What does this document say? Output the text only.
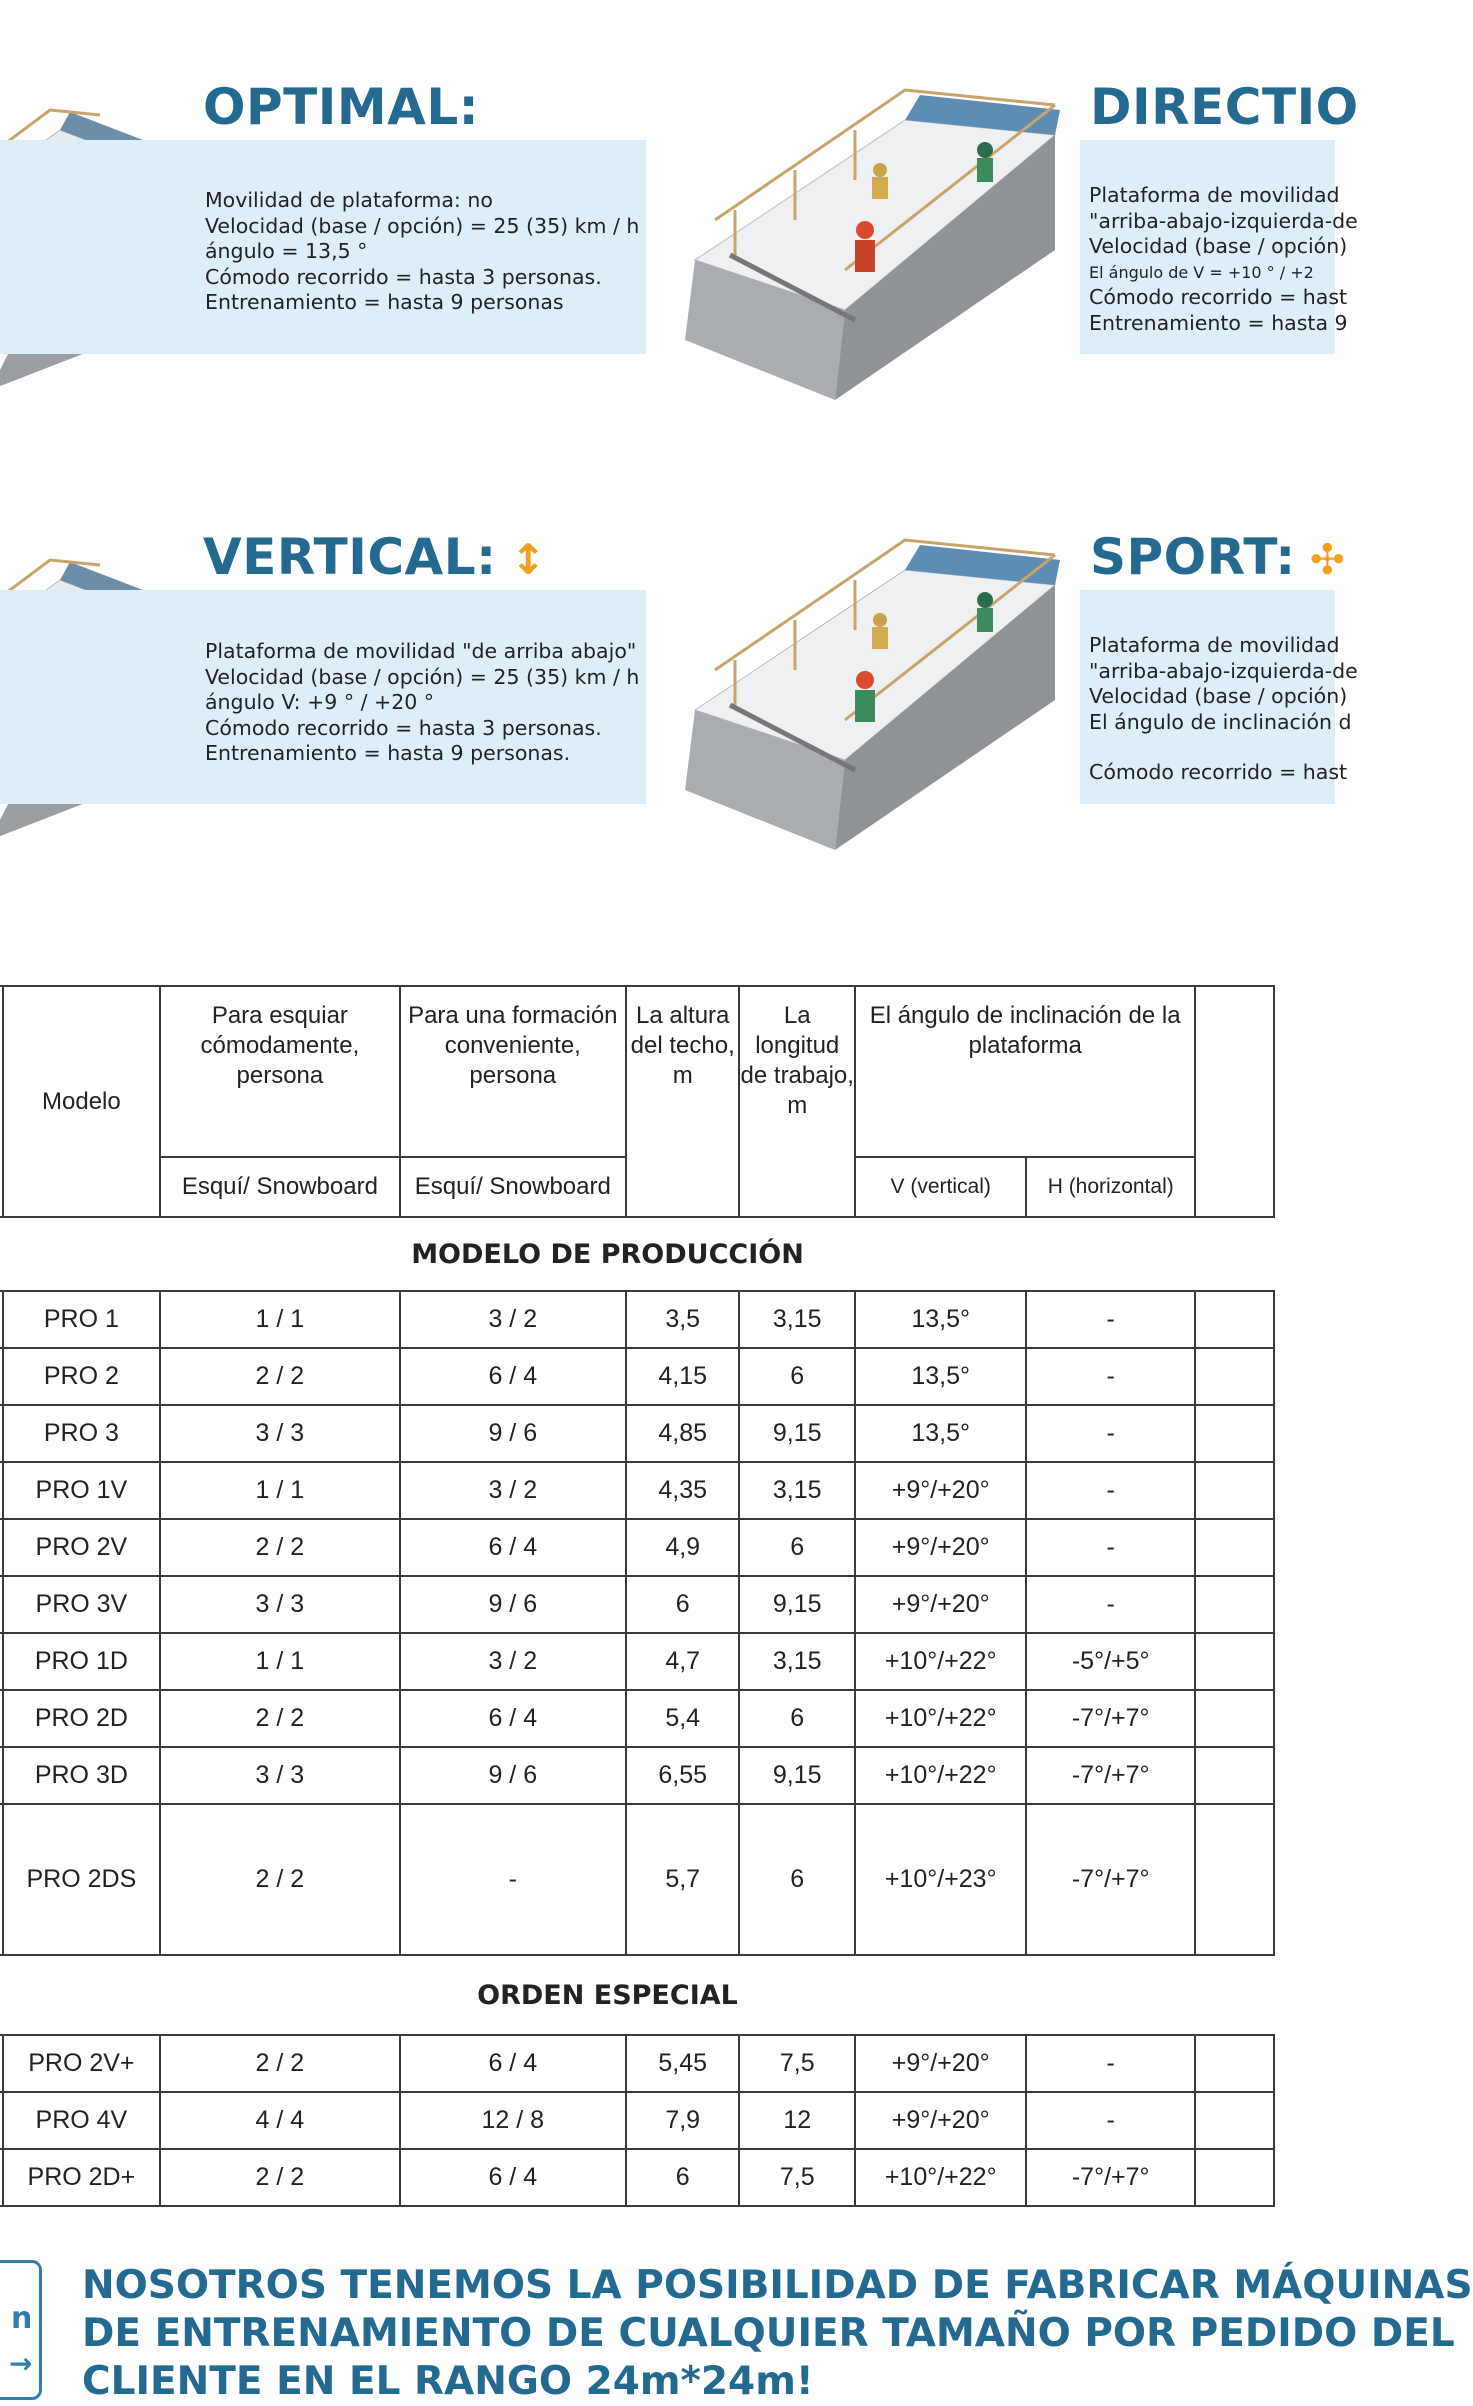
OPTIMAL:
Movilidad de plataforma: no
Velocidad (base / opción) = 25 (35) km / h
ángulo = 13,5 °
Cómodo recorrido = hasta 3 personas.
Entrenamiento = hasta 9 personas
DIRECTIO
Plataforma de movilidad
"arriba-abajo-izquierda-de
Velocidad (base / opción)
El ángulo de V = +10 ° / +2
Cómodo recorrido = hast
Entrenamiento = hasta 9
VERTICAL: ↕
Plataforma de movilidad "de arriba abajo"
Velocidad (base / opción) = 25 (35) km / h
ángulo V: +9 ° / +20 °
Cómodo recorrido = hasta 3 personas.
Entrenamiento = hasta 9 personas.
SPORT: ✣
Plataforma de movilidad
"arriba-abajo-izquierda-de
Velocidad (base / opción)
El ángulo de inclinación d
Cómodo recorrido = hast
	Modelo	Para esquiar cómodamente, persona	Para una formación conveniente, persona	La altura del techo, m	La longitud de trabajo, m	El ángulo de inclinación de la plataforma		
		Esquí/ Snowboard	Esquí/ Snowboard			V (vertical)	H (horizontal)	
MODELO DE PRODUCCIÓN								
	PRO 1	1 / 1	3 / 2	3,5	3,15	13,5°	-	
	PRO 2	2 / 2	6 / 4	4,15	6	13,5°	-	
	PRO 3	3 / 3	9 / 6	4,85	9,15	13,5°	-	
	PRO 1V	1 / 1	3 / 2	4,35	3,15	+9°/+20°	-	
	PRO 2V	2 / 2	6 / 4	4,9	6	+9°/+20°	-	
	PRO 3V	3 / 3	9 / 6	6	9,15	+9°/+20°	-	
	PRO 1D	1 / 1	3 / 2	4,7	3,15	+10°/+22°	-5°/+5°	
	PRO 2D	2 / 2	6 / 4	5,4	6	+10°/+22°	-7°/+7°	
	PRO 3D	3 / 3	9 / 6	6,55	9,15	+10°/+22°	-7°/+7°	
	PRO 2DS	2 / 2	-	5,7	6	+10°/+23°	-7°/+7°	
ORDEN ESPECIAL								
	PRO 2V+	2 / 2	6 / 4	5,45	7,5	+9°/+20°	-	
	PRO 4V	4 / 4	12 / 8	7,9	12	+9°/+20°	-	
	PRO 2D+	2 / 2	6 / 4	6	7,5	+10°/+22°	-7°/+7°	
n
→
NOSOTROS TENEMOS LA POSIBILIDAD DE FABRICAR MÁQUINAS
DE ENTRENAMIENTO DE CUALQUIER TAMAÑO POR PEDIDO DEL
CLIENTE EN EL RANGO 24m*24m!
